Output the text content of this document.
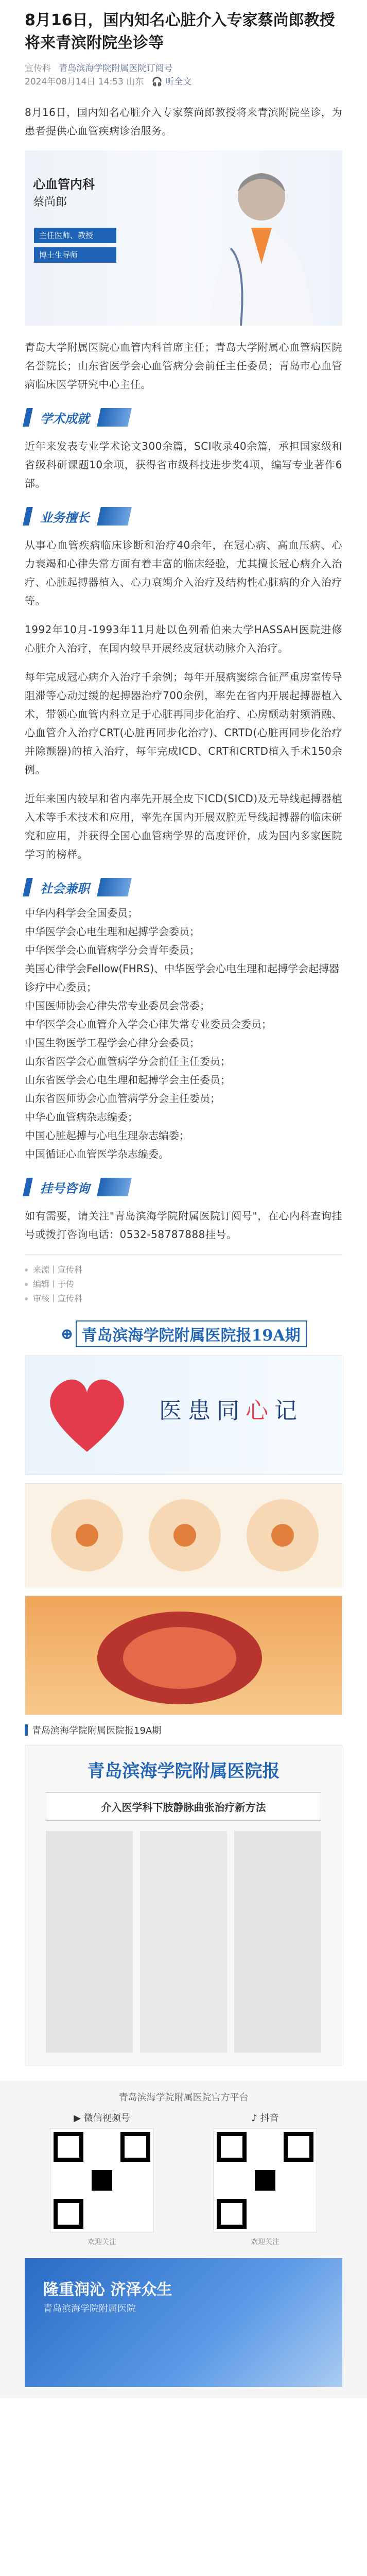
8月16日，国内知名心脏介入专家蔡尚郎教授将来青滨附院坐诊等
宣传科 青岛滨海学院附属医院订阅号
2024年08月14日 14:53 山东 🎧 听全文

8月16日，国内知名心脏介入专家蔡尚郎教授将来青滨附院坐诊，为患者提供心血管疾病诊治服务。

心血管内科
蔡尚郎
主任医师、教授
博士生导师

青岛大学附属医院心血管内科首席主任；青岛大学附属心血管病医院名誉院长；山东省医学会心血管病分会前任主任委员；青岛市心血管病临床医学研究中心主任。

学术成就

近年来发表专业学术论文300余篇，SCI收录40余篇，承担国家级和省级科研课题10余项，获得省市级科技进步奖4项，编写专业著作6部。

业务擅长

从事心血管疾病临床诊断和治疗40余年，在冠心病、高血压病、心力衰竭和心律失常方面有着丰富的临床经验，尤其擅长冠心病介入治疗、心脏起搏器植入、心力衰竭介入治疗及结构性心脏病的介入治疗等。

1992年10月-1993年11月赴以色列希伯来大学HASSAH医院进修心脏介入治疗，在国内较早开展经皮冠状动脉介入治疗。

每年完成冠心病介入治疗千余例；每年开展病窦综合征严重房室传导阻滞等心动过缓的起搏器治疗700余例，率先在省内开展起搏器植入术，带领心血管内科立足于心脏再同步化治疗、心房颤动射频消融、心血管介入治疗CRT(心脏再同步化治疗)、CRTD(心脏再同步化治疗并除颤器)的植入治疗，每年完成ICD、CRT和CRTD植入手术150余例。

近年来国内较早和省内率先开展全皮下ICD(SICD)及无导线起搏器植入术等手术技术和应用，率先在国内开展双腔无导线起搏器的临床研究和应用，并获得全国心血管病学界的高度评价，成为国内多家医院学习的榜样。

社会兼职
中华内科学会全国委员；
中华医学会心电生理和起搏学会委员；
中华医学会心血管病学分会青年委员；
美国心律学会Fellow(FHRS)、中华医学会心电生理和起搏学会起搏器诊疗中心委员；
中国医师协会心律失常专业委员会常委；
中华医学会心血管介入学会心律失常专业委员会委员；
中国生物医学工程学会心律分会委员；
山东省医学会心血管病学分会前任主任委员；
山东省医学会心电生理和起搏学会主任委员；
山东省医师协会心血管病学分会主任委员；
中华心血管病杂志编委；
中国心脏起搏与心电生理杂志编委；
中国循证心血管医学杂志编委。
挂号咨询

如有需要，请关注"青岛滨海学院附属医院订阅号"，在心内科查询挂号或拨打咨询电话：0532-58787888挂号。

来源丨宣传科
编辑丨于传
审核丨宣传科
⊕ 青岛滨海学院附属医院报19A期
医患同心记
青岛滨海学院附属医院报19A期
青岛滨海学院附属医院报
介入医学科下肢静脉曲张治疗新方法
青岛滨海学院附属医院官方平台
▶ 微信视频号
欢迎关注
♪ 抖音
欢迎关注
隆重润沁 济泽众生
青岛滨海学院附属医院
